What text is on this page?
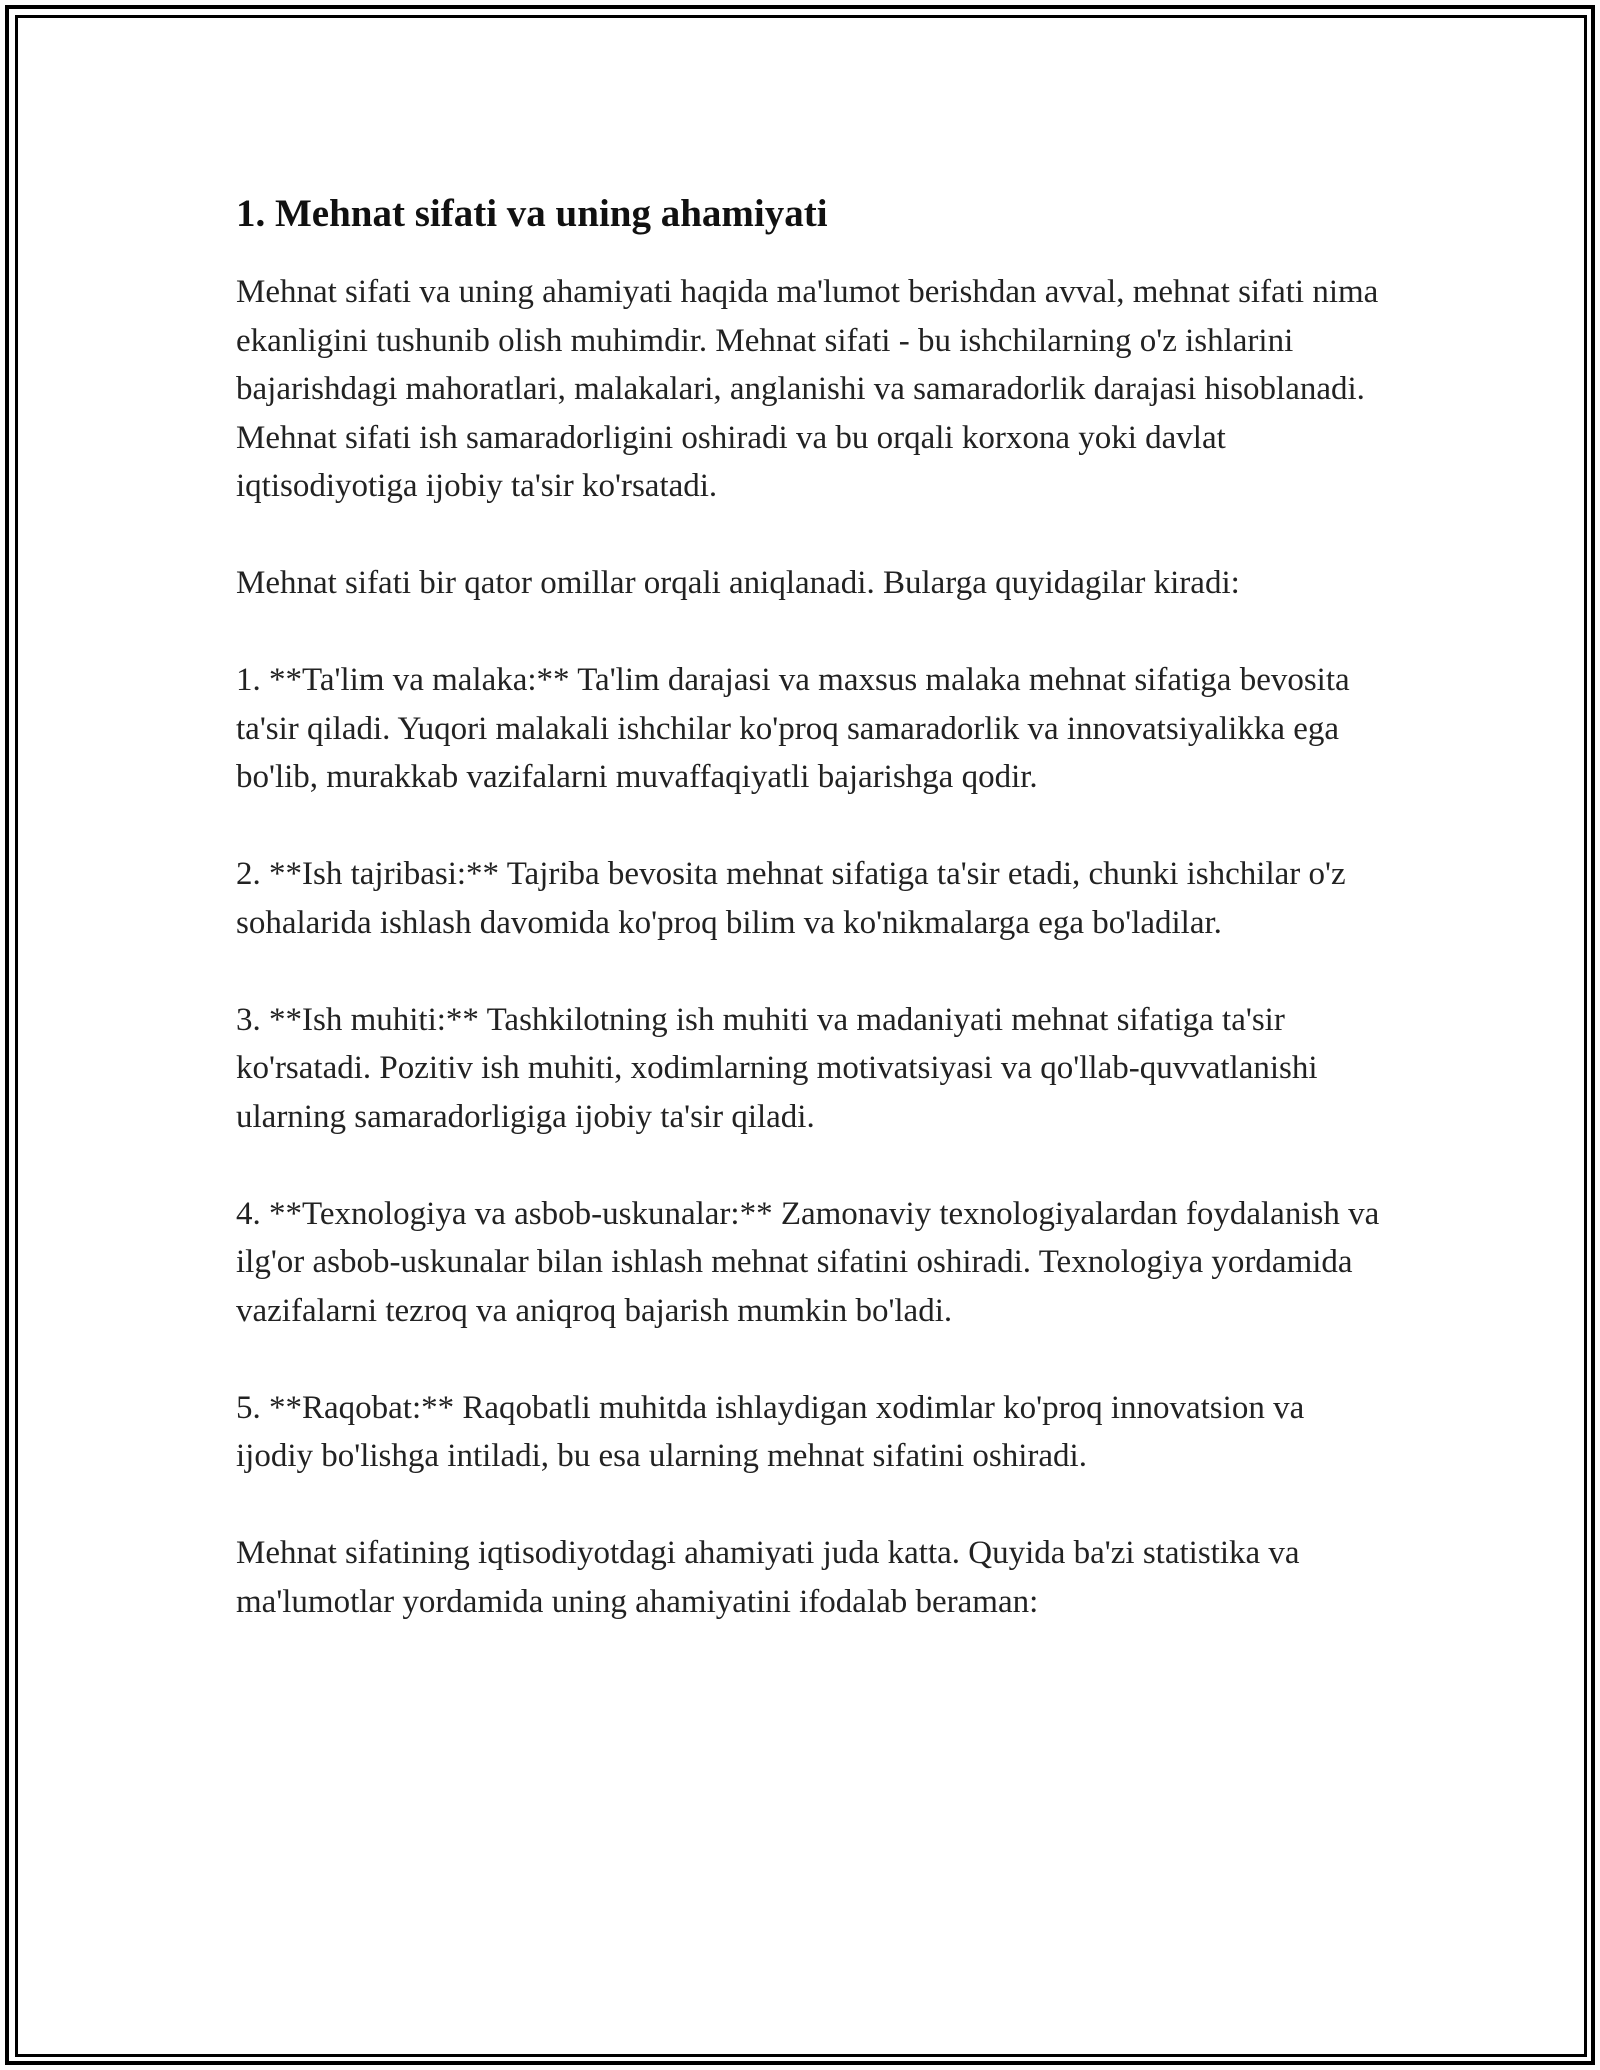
1. Mehnat sifati va uning ahamiyati

Mehnat sifati va uning ahamiyati haqida ma'lumot berishdan avval, mehnat sifati nima ekanligini tushunib olish muhimdir. Mehnat sifati - bu ishchilarning o'z ishlarini bajarishdagi mahoratlari, malakalari, anglanishi va samaradorlik darajasi hisoblanadi. Mehnat sifati ish samaradorligini oshiradi va bu orqali korxona yoki davlat iqtisodiyotiga ijobiy ta'sir ko'rsatadi.

Mehnat sifati bir qator omillar orqali aniqlanadi. Bularga quyidagilar kiradi:

1. **Ta'lim va malaka:** Ta'lim darajasi va maxsus malaka mehnat sifatiga bevosita ta'sir qiladi. Yuqori malakali ishchilar ko'proq samaradorlik va innovatsiyalikka ega bo'lib, murakkab vazifalarni muvaffaqiyatli bajarishga qodir.

2. **Ish tajribasi:** Tajriba bevosita mehnat sifatiga ta'sir etadi, chunki ishchilar o'z sohalarida ishlash davomida ko'proq bilim va ko'nikmalarga ega bo'ladilar.

3. **Ish muhiti:** Tashkilotning ish muhiti va madaniyati mehnat sifatiga ta'sir ko'rsatadi. Pozitiv ish muhiti, xodimlarning motivatsiyasi va qo'llab-quvvatlanishi ularning samaradorligiga ijobiy ta'sir qiladi.

4. **Texnologiya va asbob-uskunalar:** Zamonaviy texnologiyalardan foydalanish va ilg'or asbob-uskunalar bilan ishlash mehnat sifatini oshiradi. Texnologiya yordamida vazifalarni tezroq va aniqroq bajarish mumkin bo'ladi.

5. **Raqobat:** Raqobatli muhitda ishlaydigan xodimlar ko'proq innovatsion va ijodiy bo'lishga intiladi, bu esa ularning mehnat sifatini oshiradi.

Mehnat sifatining iqtisodiyotdagi ahamiyati juda katta. Quyida ba'zi statistika va ma'lumotlar yordamida uning ahamiyatini ifodalab beraman:
